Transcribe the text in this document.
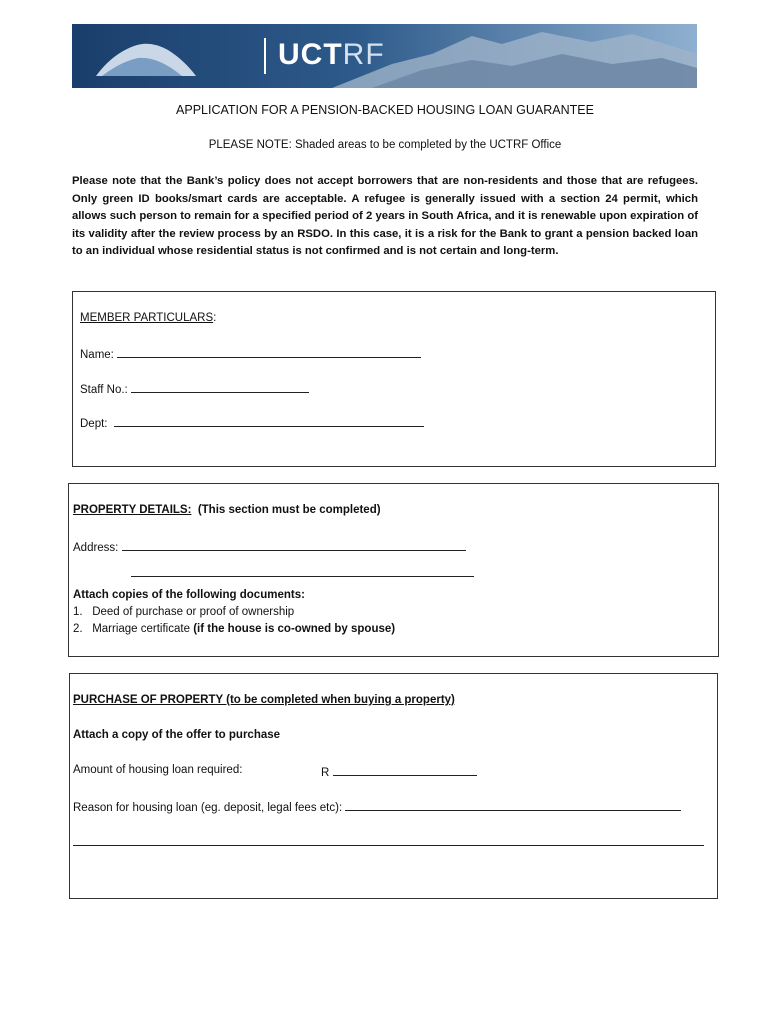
UCTRF
APPLICATION FOR A PENSION-BACKED HOUSING LOAN GUARANTEE
PLEASE NOTE: Shaded areas to be completed by the UCTRF Office
Please note that the Bank’s policy does not accept borrowers that are non-residents and those that are refugees. Only green ID books/smart cards are acceptable. A refugee is generally issued with a section 24 permit, which allows such person to remain for a specified period of 2 years in South Africa, and it is renewable upon expiration of its validity after the review process by an RSDO. In this case, it is a risk for the Bank to grant a pension backed loan to an individual whose residential status is not confirmed and is not certain and long-term.
MEMBER PARTICULARS:
Name:
Staff No.:
Dept:
PROPERTY DETAILS: (This section must be completed)
Address:
Attach copies of the following documents:
1. Deed of purchase or proof of ownership
2. Marriage certificate (if the house is co-owned by spouse)
PURCHASE OF PROPERTY (to be completed when buying a property)
Attach a copy of the offer to purchase
Amount of housing loan required:	R
Reason for housing loan (eg. deposit, legal fees etc):
